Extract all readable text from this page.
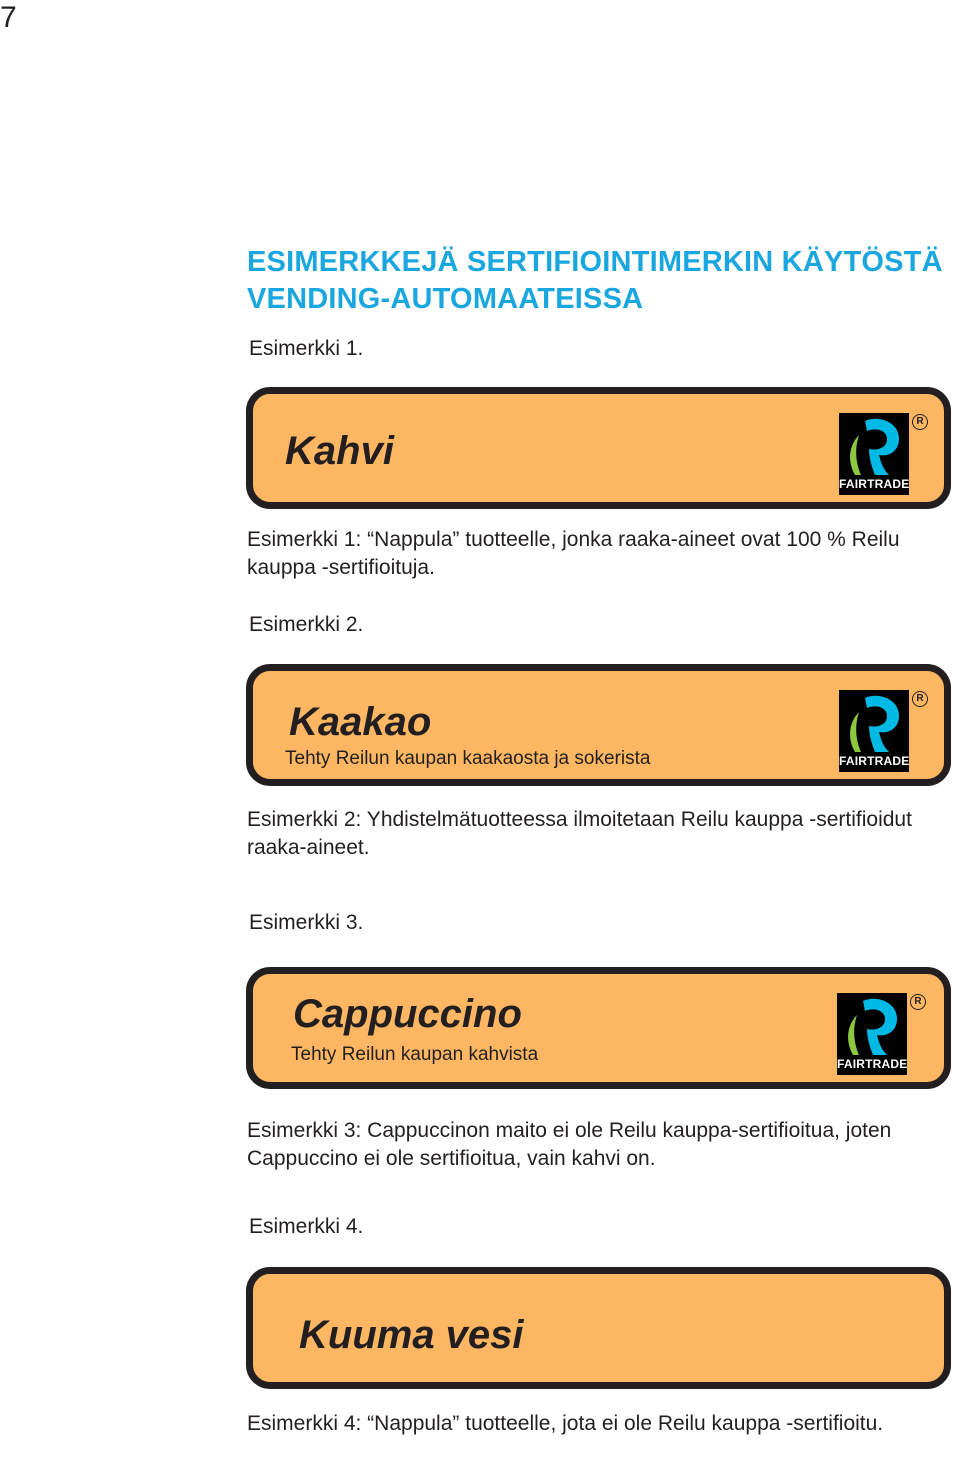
7
ESIMERKKEJÄ SERTIFIOINTIMERKIN KÄYTÖSTÄ
VENDING-AUTOMAATEISSA
Esimerkki 1.
Kahvi
FAIRTRADE
R
Esimerkki 1: “Nappula” tuotteelle, jonka raaka-aineet ovat 100 % Reilu kauppa -sertifioituja.
Esimerkki 2.
Kaakao
Tehty Reilun kaupan kaakaosta ja sokerista	FAIRTRADE
R
Esimerkki 2: Yhdistelmätuotteessa ilmoitetaan Reilu kauppa -sertifioidut raaka-aineet.
Esimerkki 3.
Cappuccino
Tehty Reilun kaupan kahvista	FAIRTRADE
R
Esimerkki 3: Cappuccinon maito ei ole Reilu kauppa-sertifioitua, joten Cappuccino ei ole sertifioitua, vain kahvi on.
Esimerkki 4.
Kuuma vesi
Esimerkki 4: “Nappula” tuotteelle, jota ei ole Reilu kauppa -sertifioitu.
